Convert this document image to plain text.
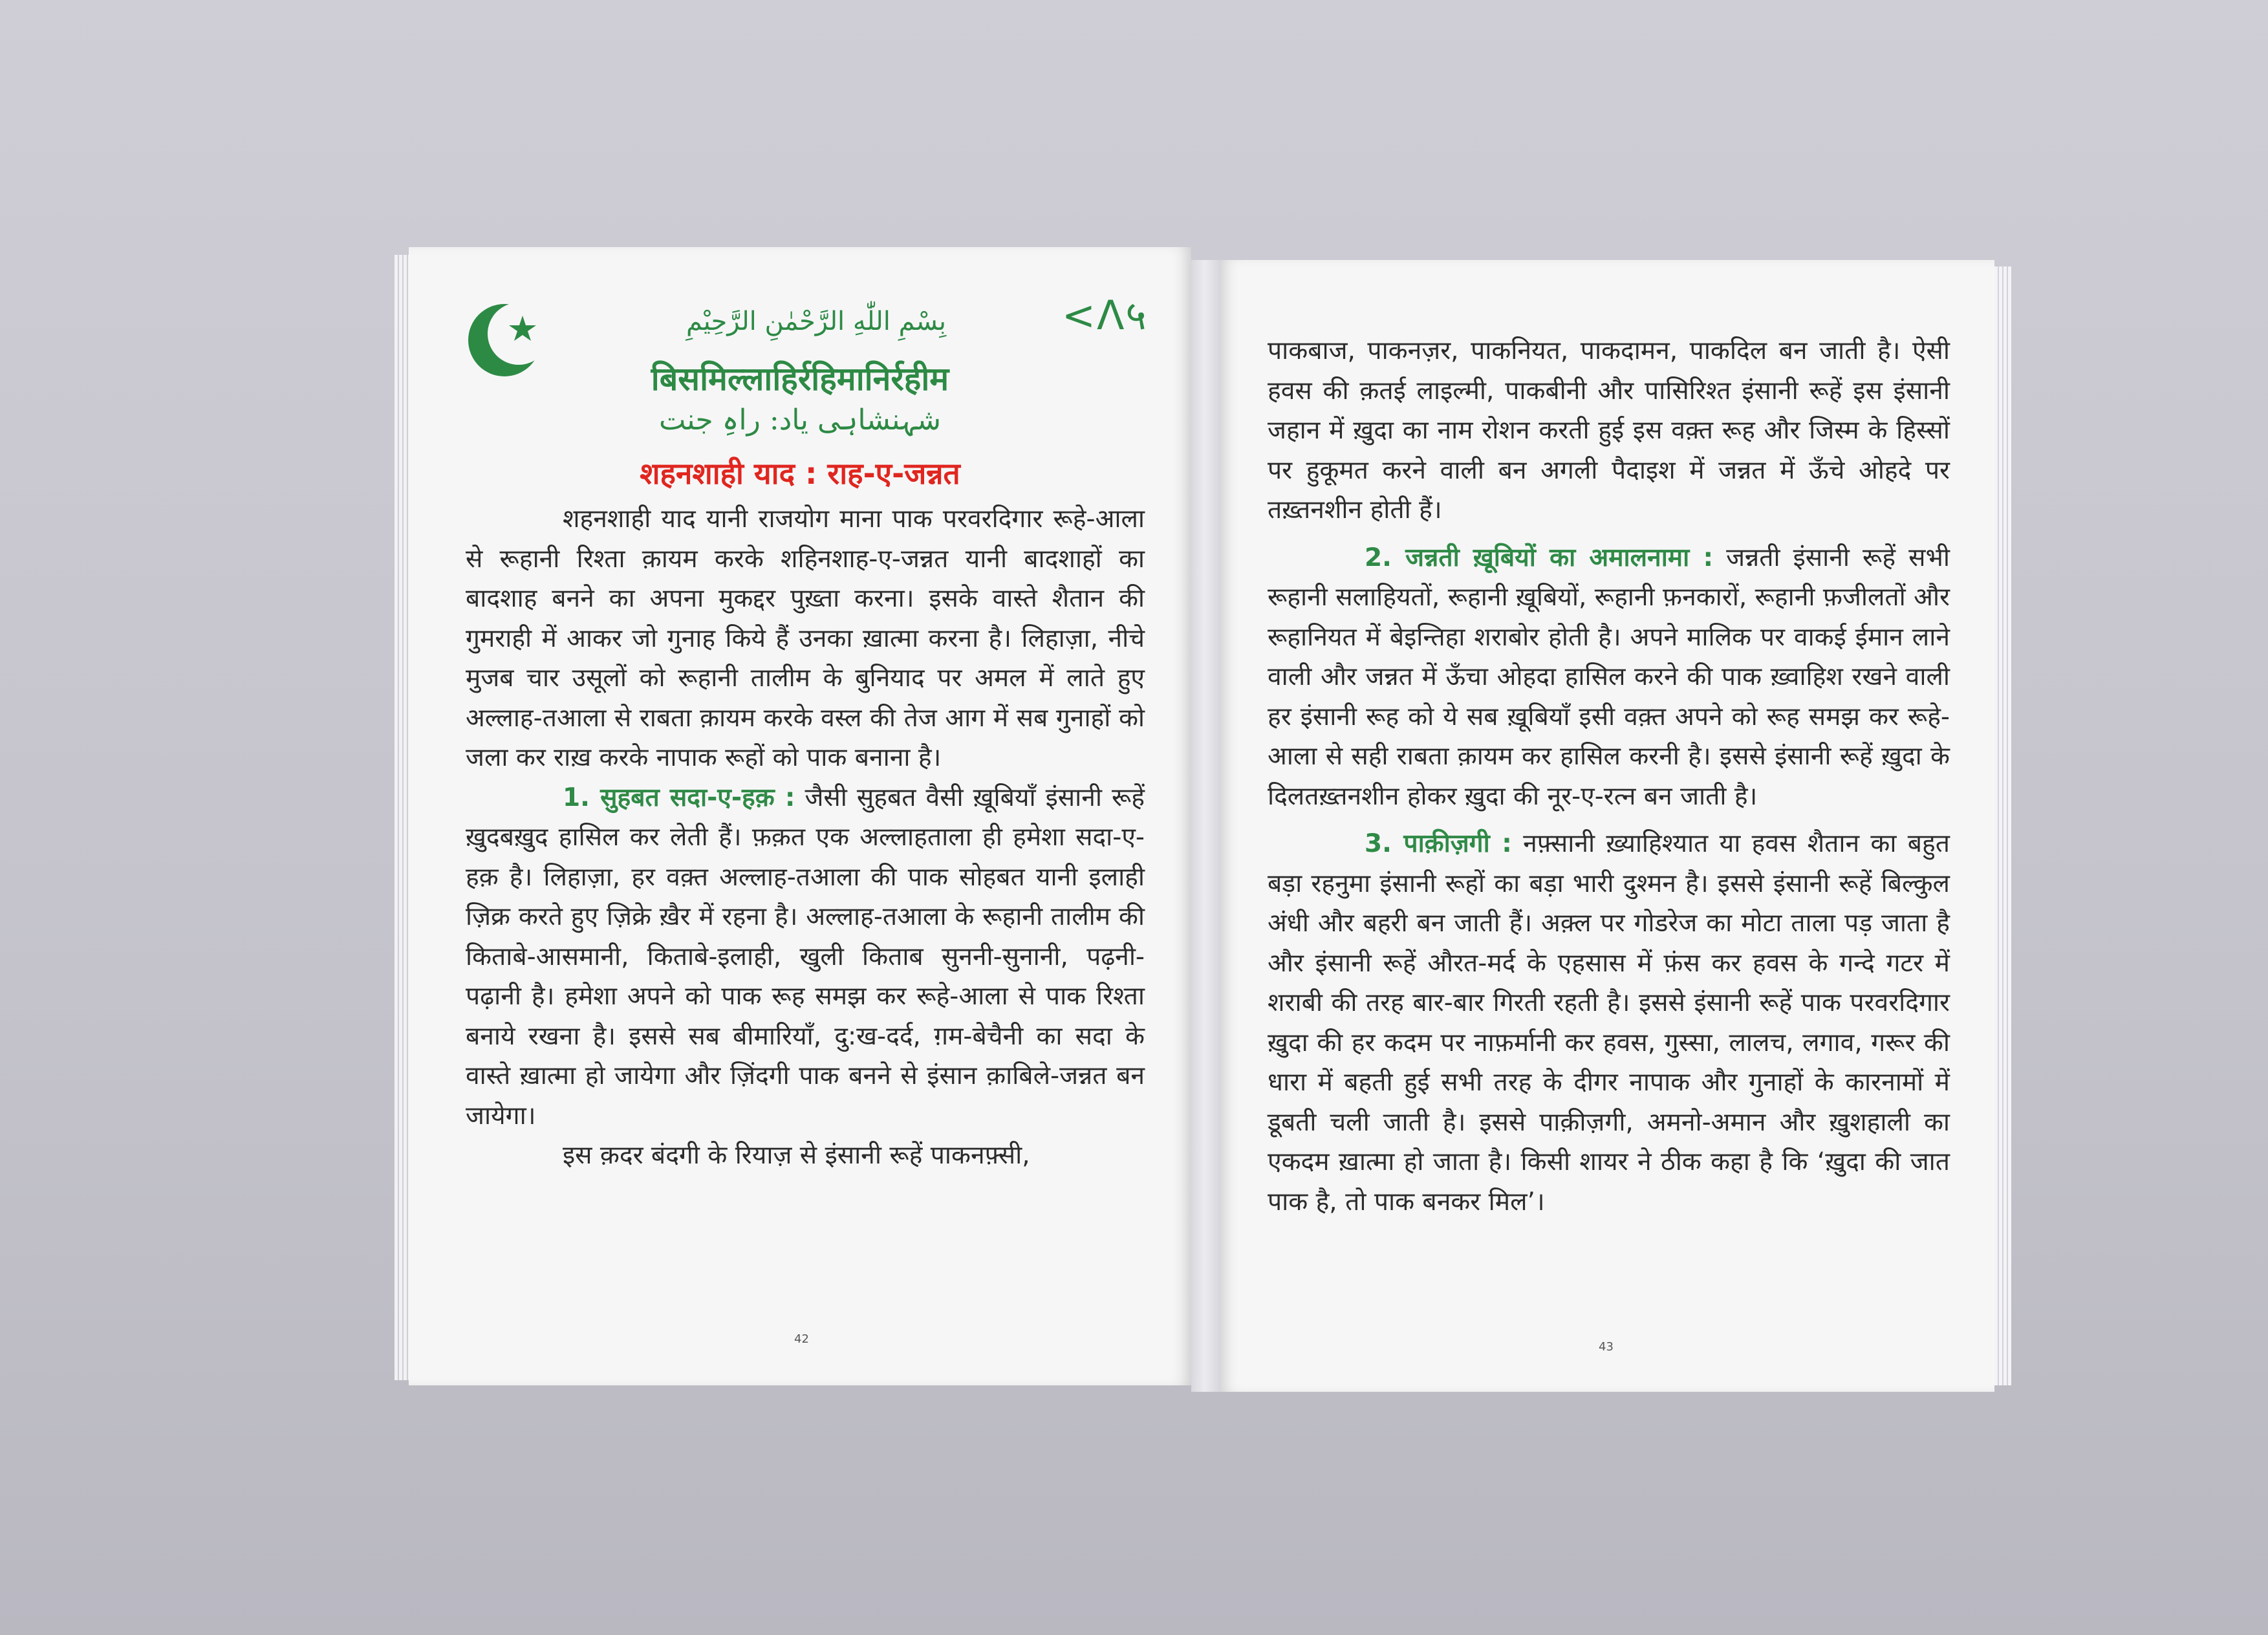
بِسْمِ اللّٰهِ الرَّحْمٰنِ الرَّحِيْمِ	<Λ५
बिसमिल्लाहिर्रहिमानिर्रहीम
شہنشاہی یاد: راہِ جنت
शहनशाही याद : राह-ए-जन्नत

शहनशाही याद यानी राजयोग माना पाक परवरदिगार रूहे-आला से रूहानी रिश्ता क़ायम करके शहिनशाह-ए-जन्नत यानी बादशाहों का बादशाह बनने का अपना मुकद्दर पुख़्ता करना। इसके वास्ते शैतान की गुमराही में आकर जो गुनाह किये हैं उनका ख़ात्मा करना है। लिहाज़ा, नीचे मुजब चार उसूलों को रूहानी तालीम के बुनियाद पर अमल में लाते हुए अल्लाह-तआला से राबता क़ायम करके वस्ल की तेज आग में सब गुनाहों को जला कर राख़ करके नापाक रूहों को पाक बनाना है।

1. सुहबत सदा-ए-हक़ : जैसी सुहबत वैसी ख़ूबियाँ इंसानी रूहें ख़ुदबख़ुद हासिल कर लेती हैं। फ़क़त एक अल्लाहताला ही हमेशा सदा-ए-हक़ है। लिहाज़ा, हर वक़्त अल्लाह-तआला की पाक सोहबत यानी इलाही ज़िक्र करते हुए ज़िक्रे ख़ैर में रहना है। अल्लाह-तआला के रूहानी तालीम की किताबे-आसमानी, किताबे-इलाही, खुली किताब सुननी-सुनानी, पढ़नी-पढ़ानी है। हमेशा अपने को पाक रूह समझ कर रूहे-आला से पाक रिश्ता बनाये रखना है। इससे सब बीमारियाँ, दु:ख-दर्द, ग़म-बेचैनी का सदा के वास्ते ख़ात्मा हो जायेगा और ज़िंदगी पाक बनने से इंसान क़ाबिले-जन्नत बन जायेगा।

इस क़दर बंदगी के रियाज़ से इंसानी रूहें पाकनफ़्सी,

42

पाकबाज, पाकनज़र, पाकनियत, पाकदामन, पाकदिल बन जाती है। ऐसी हवस की क़तई लाइल्मी, पाकबीनी और पासिरिश्त इंसानी रूहें इस इंसानी जहान में ख़ुदा का नाम रोशन करती हुई इस वक़्त रूह और जिस्म के हिस्सों पर हुकूमत करने वाली बन अगली पैदाइश में जन्नत में ऊँचे ओहदे पर तख़्तनशीन होती हैं।

2. जन्नती ख़ूबियों का अमालनामा : जन्नती इंसानी रूहें सभी रूहानी सलाहियतों, रूहानी ख़ूबियों, रूहानी फ़नकारों, रूहानी फ़जीलतों और रूहानियत में बेइन्तिहा शराबोर होती है। अपने मालिक पर वाकई ईमान लाने वाली और जन्नत में ऊँचा ओहदा हासिल करने की पाक ख़्वाहिश रखने वाली हर इंसानी रूह को ये सब ख़ूबियाँ इसी वक़्त अपने को रूह समझ कर रूहे-आला से सही राबता क़ायम कर हासिल करनी है। इससे इंसानी रूहें ख़ुदा के दिलतख़्तनशीन होकर ख़ुदा की नूर-ए-रत्न बन जाती है।

3. पाक़ीज़गी : नफ़्सानी ख़्याहिश्यात या हवस शैतान का बहुत बड़ा रहनुमा इंसानी रूहों का बड़ा भारी दुश्मन है। इससे इंसानी रूहें बिल्कुल अंधी और बहरी बन जाती हैं। अक़्ल पर गोडरेज का मोटा ताला पड़ जाता है और इंसानी रूहें औरत-मर्द के एहसास में फ़ंस कर हवस के गन्दे गटर में शराबी की तरह बार-बार गिरती रहती है। इससे इंसानी रूहें पाक परवरदिगार ख़ुदा की हर कदम पर नाफ़र्मानी कर हवस, गुस्सा, लालच, लगाव, गरूर की धारा में बहती हुई सभी तरह के दीगर नापाक और गुनाहों के कारनामों में डूबती चली जाती है। इससे पाक़ीज़गी, अमनो-अमान और ख़ुशहाली का एकदम ख़ात्मा हो जाता है। किसी शायर ने ठीक कहा है कि ‘ख़ुदा की जात पाक है, तो पाक बनकर मिल’।

43
